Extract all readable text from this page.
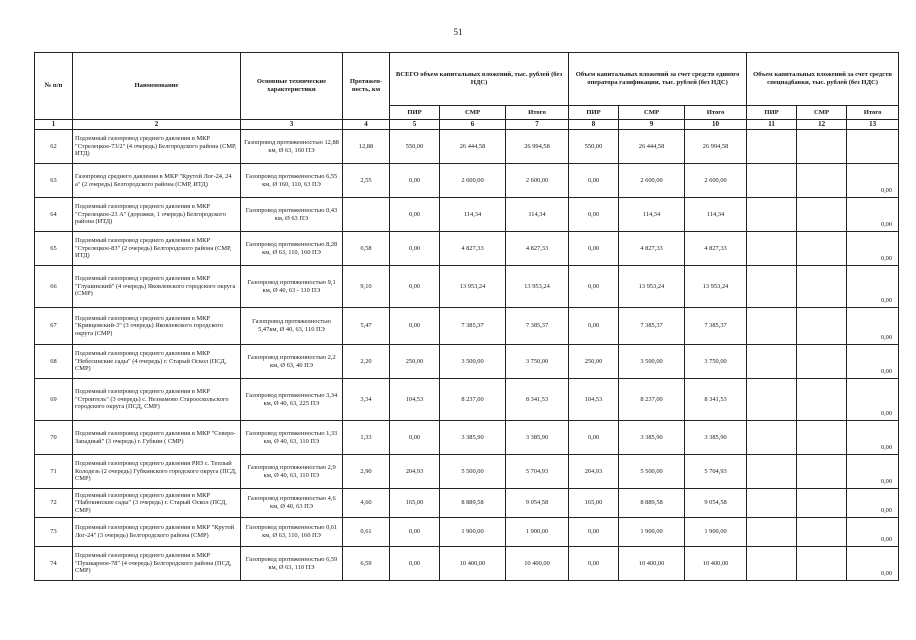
51
№ п/п	Наименование	Основные технические характеристики	Протяжен- ность, км	ВСЕГО объем капитальных вложений, тыс. рублей (без НДС)			Объем капитальных вложений за счет средств единого оператора газификации, тыс. рублей (без НДС)			Объем капитальных вложений за счет средств спецнадбавки, тыс. рублей (без НДС)		
				ПИР	СМР	Итого	ПИР	СМР	Итого	ПИР	СМР	Итого
1	2	3	4	5	6	7	8	9	10	11	12	13
62	Подземный газопровод среднего давления в МКР "Стрелецкое-73/2" (4 очередь) Белгородского района (СМР, ИТД)	Газопровод протяженностью 12,88 км, Ø 63, 160 ПЭ	12,88	550,00	26 444,58	26 994,58	550,00	26 444,58	26 994,58			
63	Газопровод среднего давления в МКР "Крутой Лог-24, 24 а" (2 очередь) Белгородского района (СМР, ИТД)	Газопровод протяженностью 6,55 км, Ø 160, 110, 63 ПЭ	2,55	0,00	2 600,00	2 600,00	0,00	2 600,00	2 600,00			0,00
64	Подземный газопровод среднего давления в МКР "Стрелецкое-23 А" (дорожки, 1 очередь) Белгородского района (ИТД)	Газопровод протяженностью 0,43 км, Ø 63 ПЭ		0,00	114,34	114,34	0,00	114,34	114,34			0,00
65	Подземный газопровод среднего давления в МКР "Стрелецкое-83" (2 очередь) Белгородского района (СМР, ИТД)	Газопровод протяженностью 8,28 км, Ø 63, 110, 160 ПЭ	0,58	0,00	4 827,33	4 827,33	0,00	4 827,33	4 827,33			0,00
66	Подземный газопровод среднего давления в МКР "Глушинский" (4 очередь) Яковлевского городского округа (СМР)	Газопровод протяженностью 9,1 км, Ø 40, 63 - 110 ПЭ	9,10	0,00	13 953,24	13 953,24	0,00	13 953,24	13 953,24			0,00
67	Подземный газопровод среднего давления в МКР "Кривцовский-3" (3 очередь) Яковлевского городского округа (СМР)	Газопровод протяженностью 5,47км, Ø 40, 63, 110 ПЭ	5,47	0,00	7 385,37	7 385,37	0,00	7 385,37	7 385,37			0,00
68	Подземный газопровод среднего давления в МКР "Небесинские сады" (4 очередь) г. Старый Оскол (ПСД, СМР)	Газопровод протяженностью 2,2 км, Ø 63, 40 ПЭ	2,20	250,00	3 500,00	3 750,00	250,00	3 500,00	3 750,00			0,00
69	Подземный газопровод среднего давления в МКР "Строитель" (3 очередь) с. Незнамово Старооскольского городского округа (ПСД, СМР)	Газопровод протяженностью 3,34 км, Ø 40, 63, 225 ПЭ	3,34	104,53	8 237,00	8 341,53	104,53	8 237,00	8 341,53			0,00
70	Подземный газопровод среднего давления в МКР "Северо-Западный" (3 очередь) г. Губкин ( СМР)	Газопровод протяженностью 1,33 км, Ø 40, 63, 110 ПЭ	1,33	0,00	3 385,90	3 385,90	0,00	3 385,90	3 385,90			0,00
71	Подземный газопровод среднего давления РИЗ с. Теплый Колодезь (2 очередь) Губкинского городского округа (ПСД, СМР)	Газопровод протяженностью 2,9 км, Ø 40, 63, 110 ПЭ	2,90	204,93	5 500,00	5 704,93	204,93	5 500,00	5 704,93			0,00
72	Подземный газопровод среднего давления в МКР "Набокинские сады" (3 очередь) г. Старый Оскол (ПСД, СМР)	Газопровод протяженностью 4,6 км, Ø 40, 63 ПЭ	4,60	165,00	8 889,58	9 054,58	165,00	8 889,58	9 054,58			0,00
73	Подземный газопровод среднего давления в МКР "Крутой Лог-24" (3 очередь) Белгородского района (СМР)	Газопровод протяженностью 0,61 км, Ø 63, 110, 160 ПЭ	0,61	0,00	1 900,00	1 900,00	0,00	1 900,00	1 900,00			0,00
74	Подземный газопровод среднего давления в МКР "Пушкарное-78" (4 очередь) Белгородского района (ПСД, СМР)	Газопровод протяженностью 6,59 км, Ø 63, 110 ПЭ	6,59	0,00	10 400,00	10 400,00	0,00	10 400,00	10 400,00			0,00
